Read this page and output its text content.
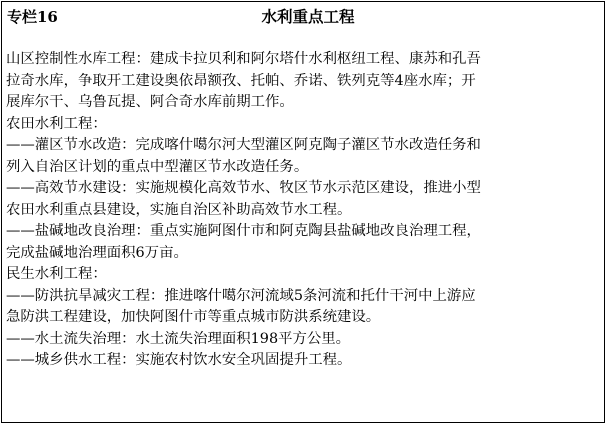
专栏16	水利重点工程
山区控制性水库工程：建成卡拉贝利和阿尔塔什水利枢纽工程、康苏和孔吾
拉奇水库，争取开工建设奥依昂额孜、托帕、乔诺、铁列克等4座水库；开
展库尔干、乌鲁瓦提、阿合奇水库前期工作。
农田水利工程：
——灌区节水改造：完成喀什噶尔河大型灌区阿克陶子灌区节水改造任务和
列入自治区计划的重点中型灌区节水改造任务。
——高效节水建设：实施规模化高效节水、牧区节水示范区建设，推进小型
农田水利重点县建设，实施自治区补助高效节水工程。
——盐碱地改良治理：重点实施阿图什市和阿克陶县盐碱地改良治理工程，
完成盐碱地治理面积6万亩。
民生水利工程：
——防洪抗旱减灾工程：推进喀什噶尔河流域5条河流和托什干河中上游应
急防洪工程建设，加快阿图什市等重点城市防洪系统建设。
——水土流失治理：水土流失治理面积198平方公里。
——城乡供水工程：实施农村饮水安全巩固提升工程。
